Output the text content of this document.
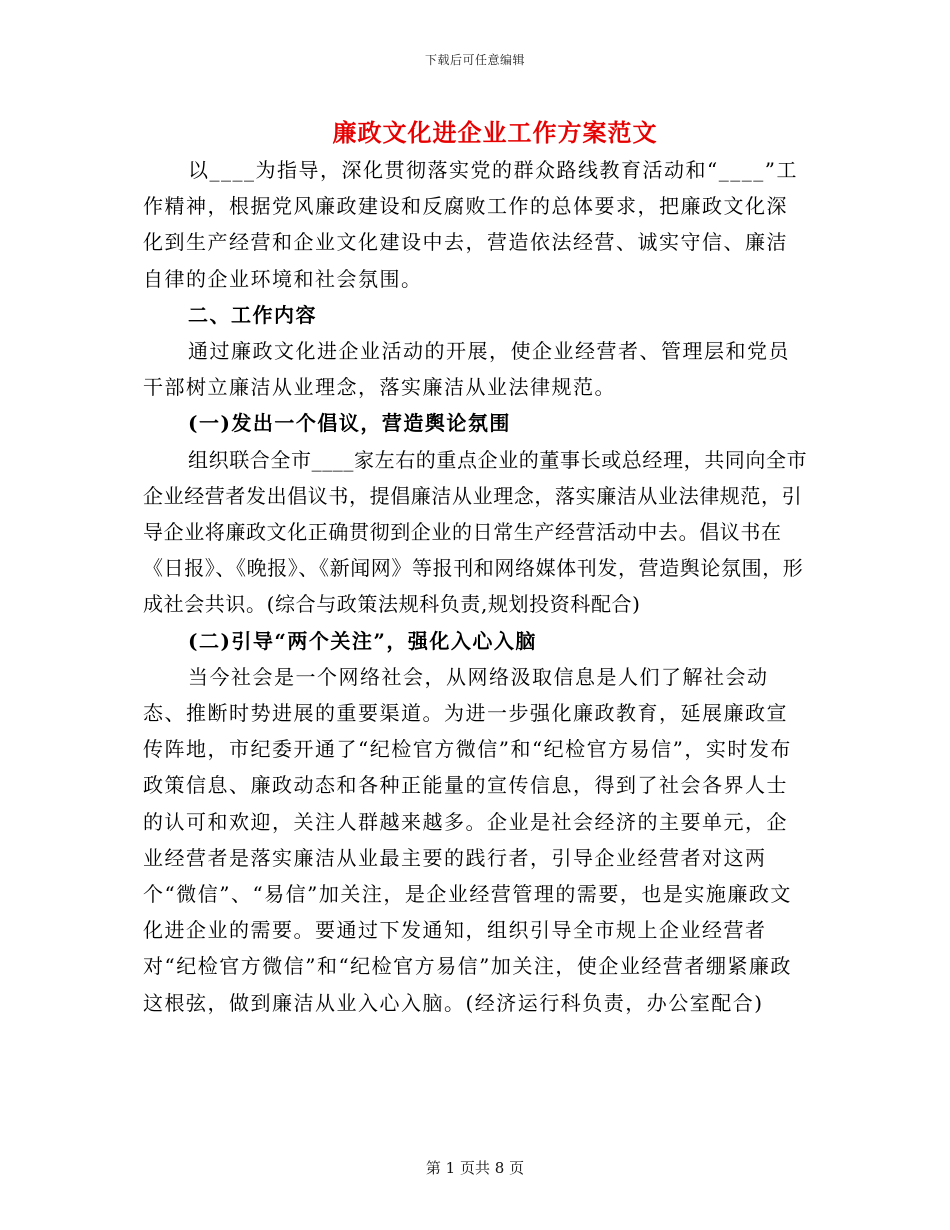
下载后可任意编辑
廉政文化进企业工作方案范文

以____为指导，深化贯彻落实党的群众路线教育活动和“____”工作精神，根据党风廉政建设和反腐败工作的总体要求，把廉政文化深化到生产经营和企业文化建设中去，营造依法经营、诚实守信、廉洁自律的企业环境和社会氛围。

二、工作内容

通过廉政文化进企业活动的开展，使企业经营者、管理层和党员干部树立廉洁从业理念，落实廉洁从业法律规范。

(一)发出一个倡议，营造舆论氛围

组织联合全市____家左右的重点企业的董事长或总经理，共同向全市企业经营者发出倡议书，提倡廉洁从业理念，落实廉洁从业法律规范，引导企业将廉政文化正确贯彻到企业的日常生产经营活动中去。倡议书在《日报》、《晚报》、《新闻网》等报刊和网络媒体刊发，营造舆论氛围，形成社会共识。(综合与政策法规科负责,规划投资科配合)

(二)引导“两个关注”，强化入心入脑

当今社会是一个网络社会，从网络汲取信息是人们了解社会动态、推断时势进展的重要渠道。为进一步强化廉政教育，延展廉政宣传阵地，市纪委开通了“纪检官方微信”和“纪检官方易信”，实时发布政策信息、廉政动态和各种正能量的宣传信息，得到了社会各界人士的认可和欢迎，关注人群越来越多。企业是社会经济的主要单元，企业经营者是落实廉洁从业最主要的践行者，引导企业经营者对这两个“微信”、“易信”加关注，是企业经营管理的需要，也是实施廉政文化进企业的需要。要通过下发通知，组织引导全市规上企业经营者对“纪检官方微信”和“纪检官方易信”加关注，使企业经营者绷紧廉政这根弦，做到廉洁从业入心入脑。(经济运行科负责，办公室配合)

第 1 页共 8 页
